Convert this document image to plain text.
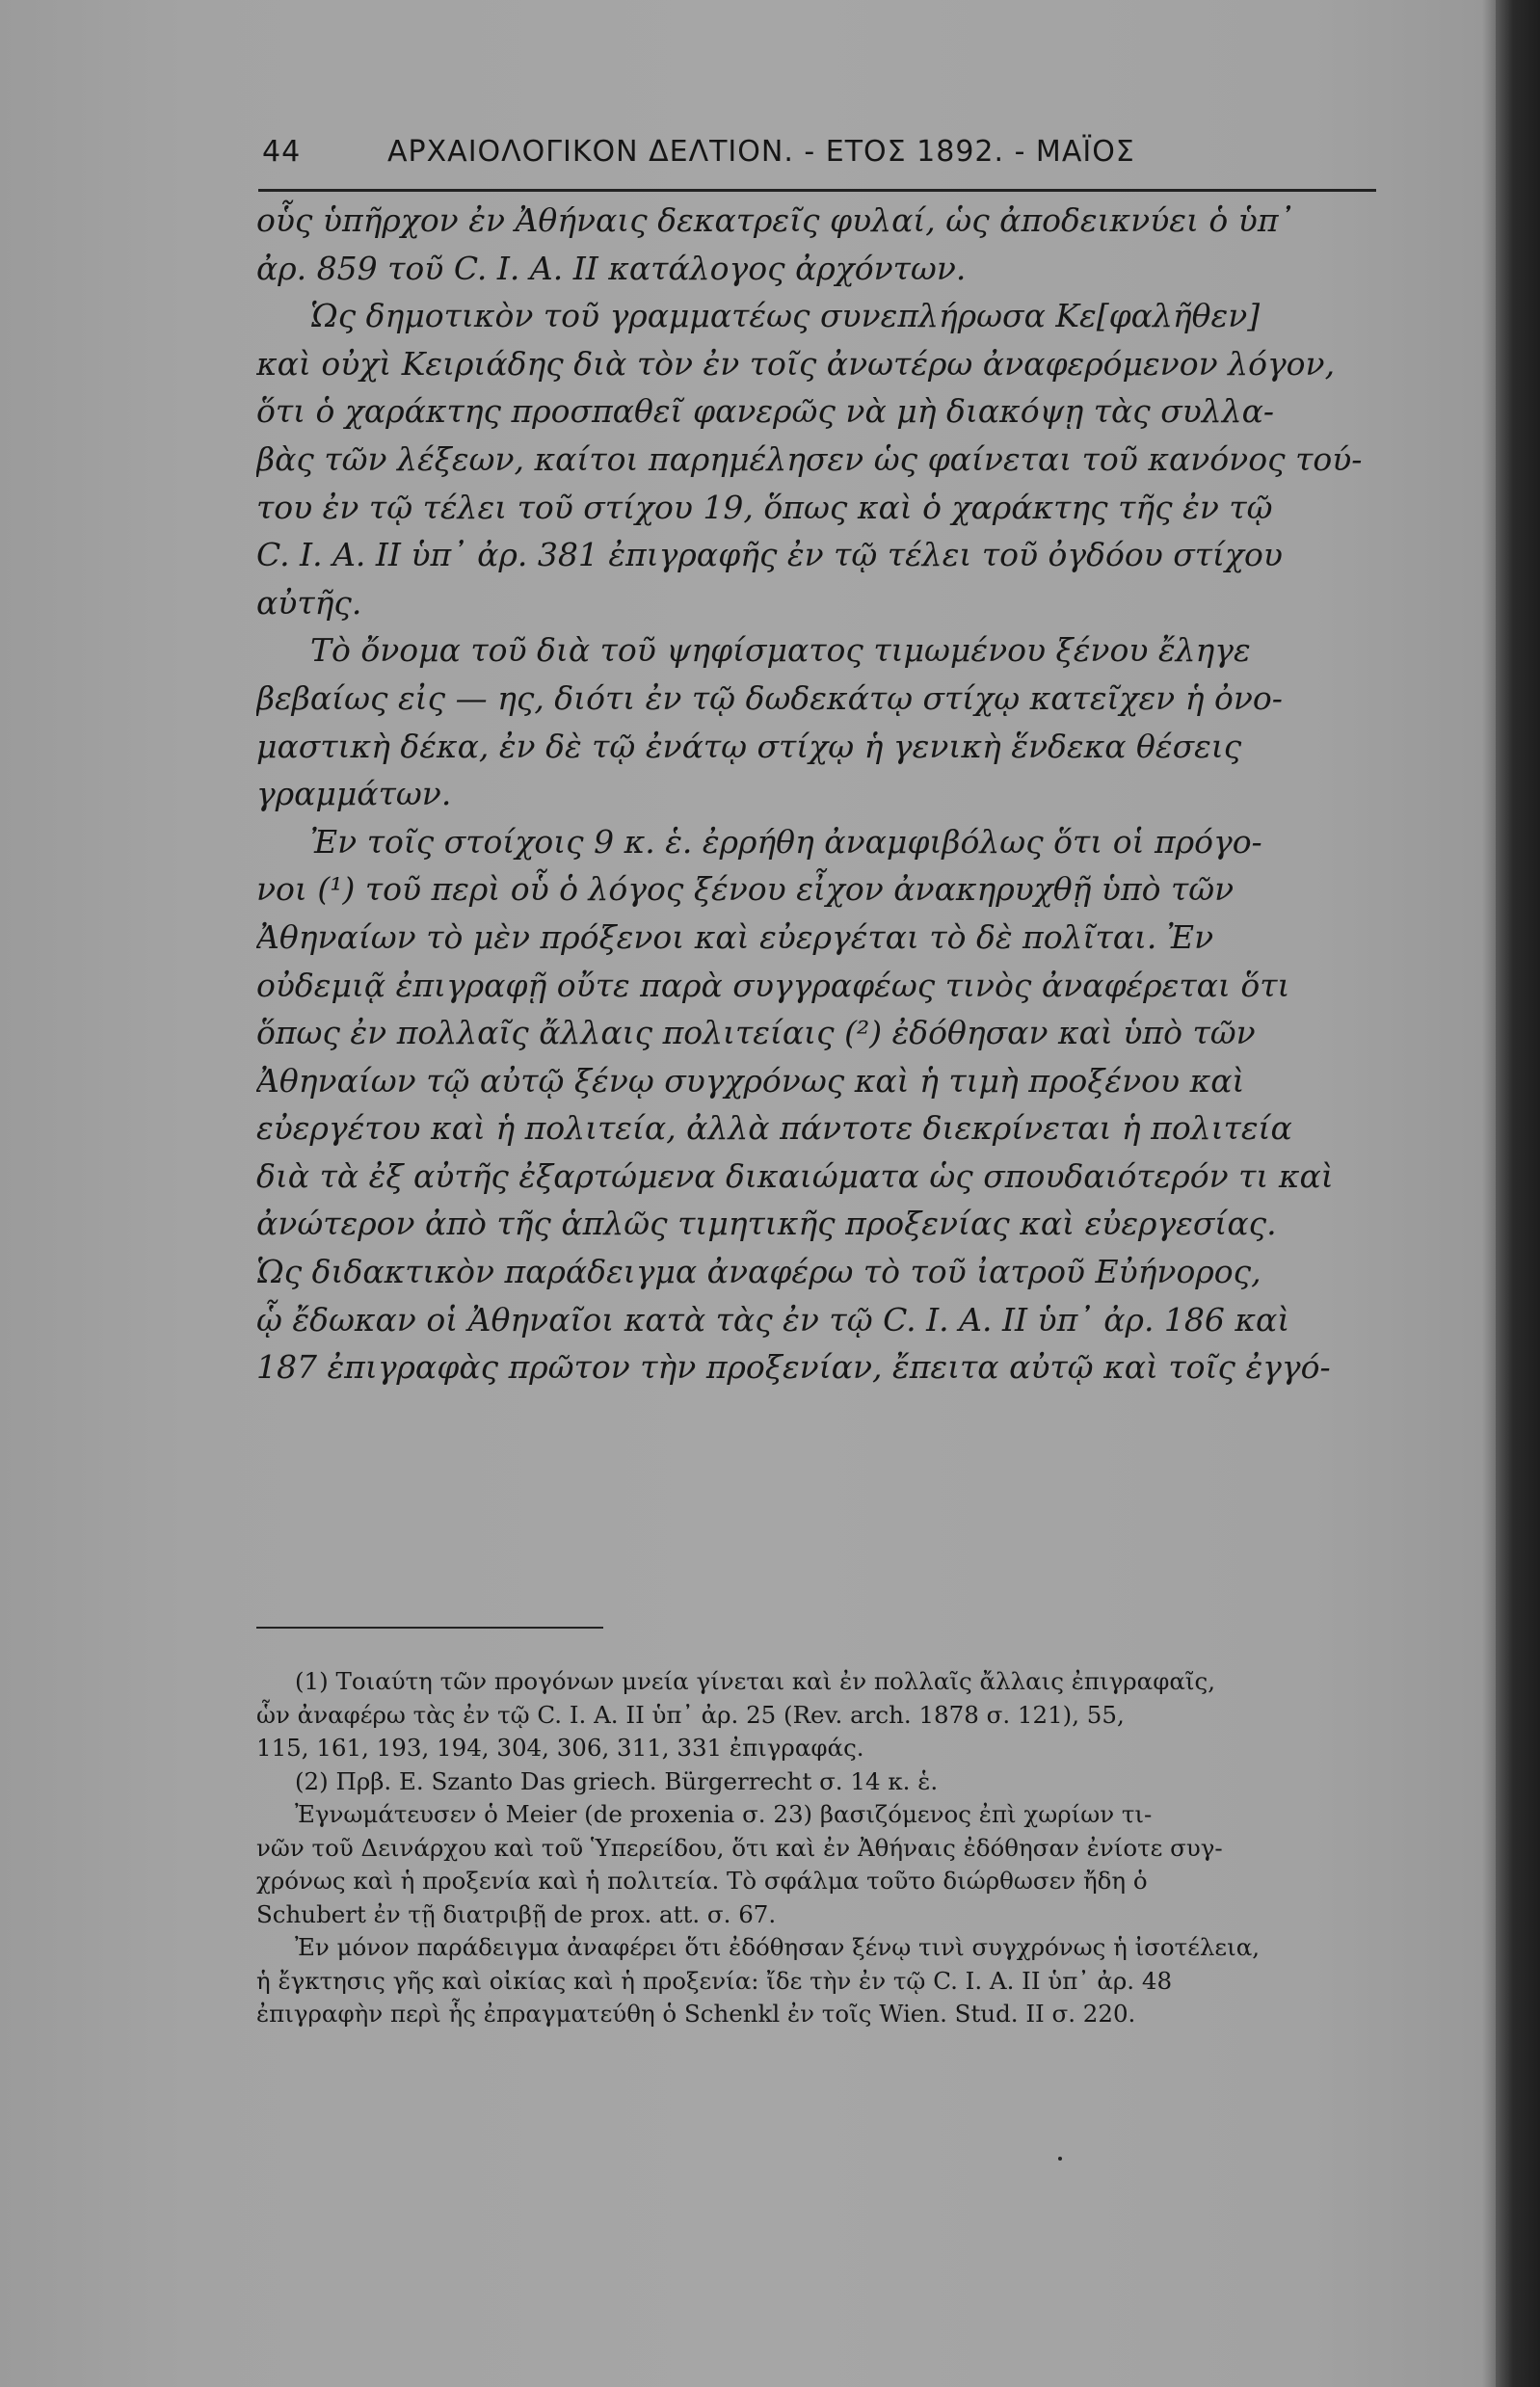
44	ΑΡΧΑΙΟΛΟΓΙΚΟΝ ΔΕΛΤΙΟΝ. - ΕΤΟΣ 1892. - ΜΑΪΟΣ
οὗς ὑπῆρχον ἐν Ἀθήναις δεκατρεῖς φυλαί, ὡς ἀποδεικνύει ὁ ὑπ᾽
ἀρ. 859 τοῦ C. I. A. II κατάλογος ἀρχόντων.
Ὡς δημοτικὸν τοῦ γραμματέως συνεπλήρωσα Κε[φαλῆθεν]
καὶ οὐχὶ Κειριάδης διὰ τὸν ἐν τοῖς ἀνωτέρω ἀναφερόμενον λόγον,
ὅτι ὁ χαράκτης προσπαθεῖ φανερῶς νὰ μὴ διακόψῃ τὰς συλλα-
βὰς τῶν λέξεων, καίτοι παρημέλησεν ὡς φαίνεται τοῦ κανόνος τού-
του ἐν τῷ τέλει τοῦ στίχου 19, ὅπως καὶ ὁ χαράκτης τῆς ἐν τῷ
C. I. A. II ὑπ᾽ ἀρ. 381 ἐπιγραφῆς ἐν τῷ τέλει τοῦ ὀγδόου στίχου
αὐτῆς.
Τὸ ὄνομα τοῦ διὰ τοῦ ψηφίσματος τιμωμένου ξένου ἔληγε
βεβαίως εἰς — ης, διότι ἐν τῷ δωδεκάτῳ στίχῳ κατεῖχεν ἡ ὀνο-
μαστικὴ δέκα, ἐν δὲ τῷ ἐνάτῳ στίχῳ ἡ γενικὴ ἕνδεκα θέσεις
γραμμάτων.
Ἐν τοῖς στοίχοις 9 κ. ἑ. ἐρρήθη ἀναμφιβόλως ὅτι οἱ πρόγο-
νοι (¹) τοῦ περὶ οὗ ὁ λόγος ξένου εἶχον ἀνακηρυχθῇ ὑπὸ τῶν
Ἀθηναίων τὸ μὲν πρόξενοι καὶ εὐεργέται τὸ δὲ πολῖται. Ἐν
οὐδεμιᾷ ἐπιγραφῇ οὔτε παρὰ συγγραφέως τινὸς ἀναφέρεται ὅτι
ὅπως ἐν πολλαῖς ἄλλαις πολιτείαις (²) ἐδόθησαν καὶ ὑπὸ τῶν
Ἀθηναίων τῷ αὐτῷ ξένῳ συγχρόνως καὶ ἡ τιμὴ προξένου καὶ
εὐεργέτου καὶ ἡ πολιτεία, ἀλλὰ πάντοτε διεκρίνεται ἡ πολιτεία
διὰ τὰ ἐξ αὐτῆς ἐξαρτώμενα δικαιώματα ὡς σπουδαιότερόν τι καὶ
ἀνώτερον ἀπὸ τῆς ἁπλῶς τιμητικῆς προξενίας καὶ εὐεργεσίας.
Ὡς διδακτικὸν παράδειγμα ἀναφέρω τὸ τοῦ ἰατροῦ Εὐήνορος,
ᾧ ἔδωκαν οἱ Ἀθηναῖοι κατὰ τὰς ἐν τῷ C. I. A. II ὑπ᾽ ἀρ. 186 καὶ
187 ἐπιγραφὰς πρῶτον τὴν προξενίαν, ἔπειτα αὐτῷ καὶ τοῖς ἐγγό-
(1) Τοιαύτη τῶν προγόνων μνεία γίνεται καὶ ἐν πολλαῖς ἄλλαις ἐπιγραφαῖς,
ὧν ἀναφέρω τὰς ἐν τῷ C. I. A. II ὑπ᾽ ἀρ. 25 (Rev. arch. 1878 σ. 121), 55,
115, 161, 193, 194, 304, 306, 311, 331 ἐπιγραφάς.
(2) Πρβ. E. Szanto Das griech. Bürgerrecht σ. 14 κ. ἑ.
Ἐγνωμάτευσεν ὁ Meier (de proxenia σ. 23) βασιζόμενος ἐπὶ χωρίων τι-
νῶν τοῦ Δεινάρχου καὶ τοῦ Ὑπερείδου, ὅτι καὶ ἐν Ἀθήναις ἐδόθησαν ἐνίοτε συγ-
χρόνως καὶ ἡ προξενία καὶ ἡ πολιτεία. Τὸ σφάλμα τοῦτο διώρθωσεν ἤδη ὁ
Schubert ἐν τῇ διατριβῇ de prox. att. σ. 67.
Ἐν μόνον παράδειγμα ἀναφέρει ὅτι ἐδόθησαν ξένῳ τινὶ συγχρόνως ἡ ἰσοτέλεια,
ἡ ἔγκτησις γῆς καὶ οἰκίας καὶ ἡ προξενία: ἴδε τὴν ἐν τῷ C. I. A. II ὑπ᾽ ἀρ. 48
ἐπιγραφὴν περὶ ἧς ἐπραγματεύθη ὁ Schenkl ἐν τοῖς Wien. Stud. II σ. 220.
